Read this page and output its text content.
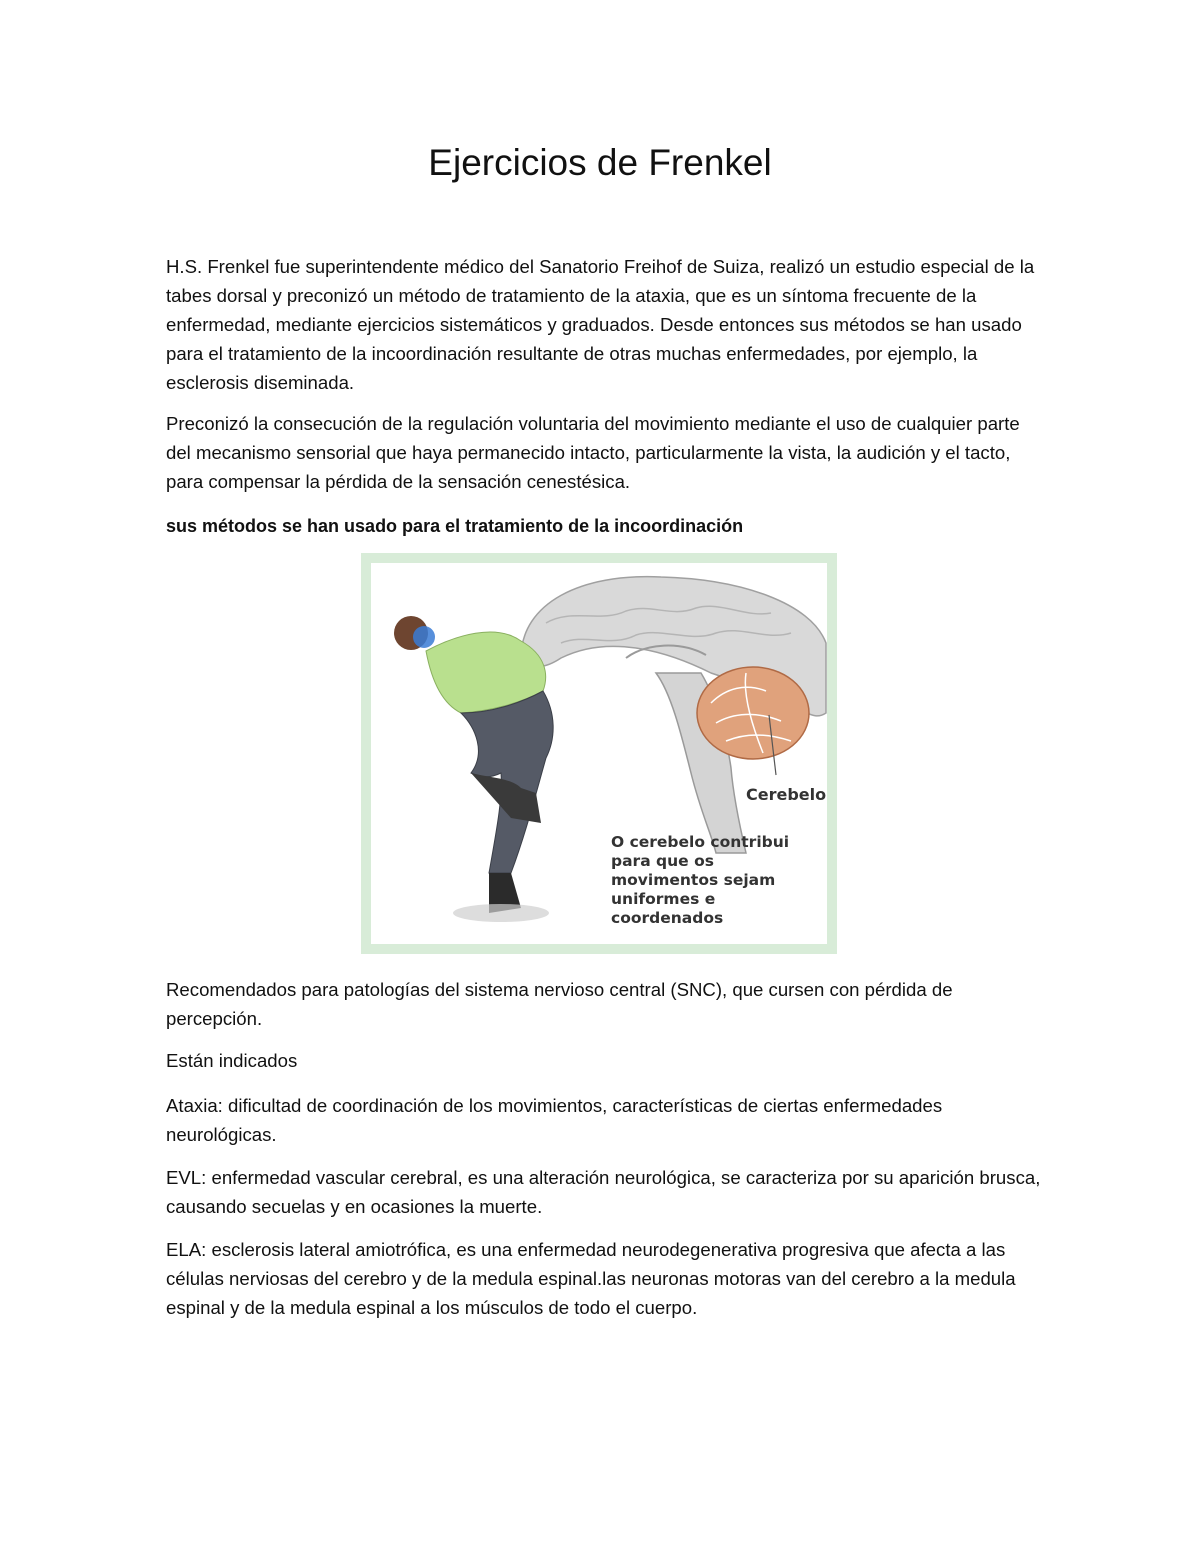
Ejercicios de Frenkel

H.S. Frenkel fue superintendente médico del Sanatorio Freihof de Suiza, realizó un estudio especial de la tabes dorsal y preconizó un método de tratamiento de la ataxia, que es un síntoma frecuente de la enfermedad, mediante ejercicios sistemáticos y graduados. Desde entonces sus métodos se han usado para el tratamiento de la incoordinación resultante de otras muchas enfermedades, por ejemplo, la esclerosis diseminada.

Preconizó la consecución de la regulación voluntaria del movimiento mediante el uso de cualquier parte del mecanismo sensorial que haya permanecido intacto, particularmente la vista, la audición y el tacto, para compensar la pérdida de la sensación cenestésica.

sus métodos se han usado para el tratamiento de la incoordinación

Cerebelo
O cerebelo contribui
para que os
movimentos sejam
uniformes e
coordenados

Recomendados para patologías del sistema nervioso central (SNC), que cursen con pérdida de percepción.

Están indicados

Ataxia: dificultad de coordinación de los movimientos, características de ciertas enfermedades neurológicas.

EVL: enfermedad vascular cerebral, es una alteración neurológica, se caracteriza por su aparición brusca, causando secuelas y en ocasiones la muerte.

ELA: esclerosis lateral amiotrófica, es una enfermedad neurodegenerativa progresiva que afecta a las células nerviosas del cerebro y de la medula espinal.las neuronas motoras van del cerebro a la medula espinal y de la medula espinal a los músculos de todo el cuerpo.
